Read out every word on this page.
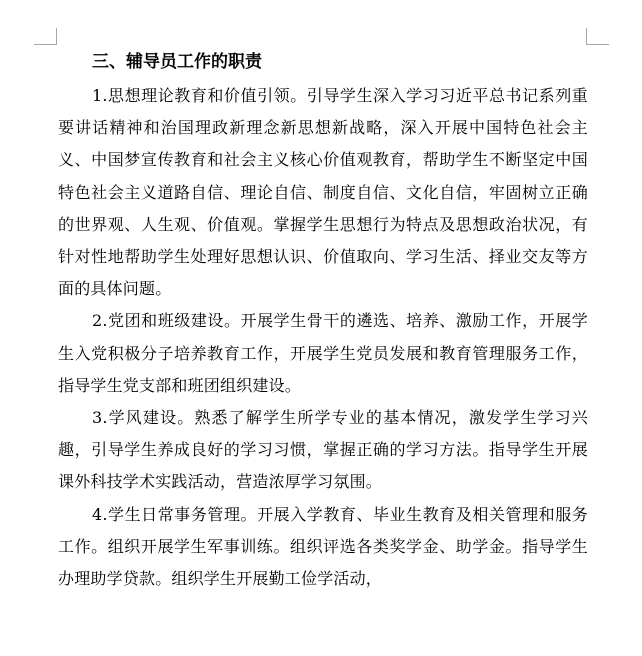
三、辅导员工作的职责

1.思想理论教育和价值引领。引导学生深入学习习近平总书记系列重要讲话精神和治国理政新理念新思想新战略，深入开展中国特色社会主义、中国梦宣传教育和社会主义核心价值观教育，帮助学生不断坚定中国特色社会主义道路自信、理论自信、制度自信、文化自信，牢固树立正确的世界观、人生观、价值观。掌握学生思想行为特点及思想政治状况，有针对性地帮助学生处理好思想认识、价值取向、学习生活、择业交友等方面的具体问题。

2.党团和班级建设。开展学生骨干的遴选、培养、激励工作，开展学生入党积极分子培养教育工作，开展学生党员发展和教育管理服务工作，指导学生党支部和班团组织建设。

3.学风建设。熟悉了解学生所学专业的基本情况，激发学生学习兴趣，引导学生养成良好的学习习惯，掌握正确的学习方法。指导学生开展课外科技学术实践活动，营造浓厚学习氛围。

4.学生日常事务管理。开展入学教育、毕业生教育及相关管理和服务工作。组织开展学生军事训练。组织评选各类奖学金、助学金。指导学生办理助学贷款。组织学生开展勤工俭学活动，
